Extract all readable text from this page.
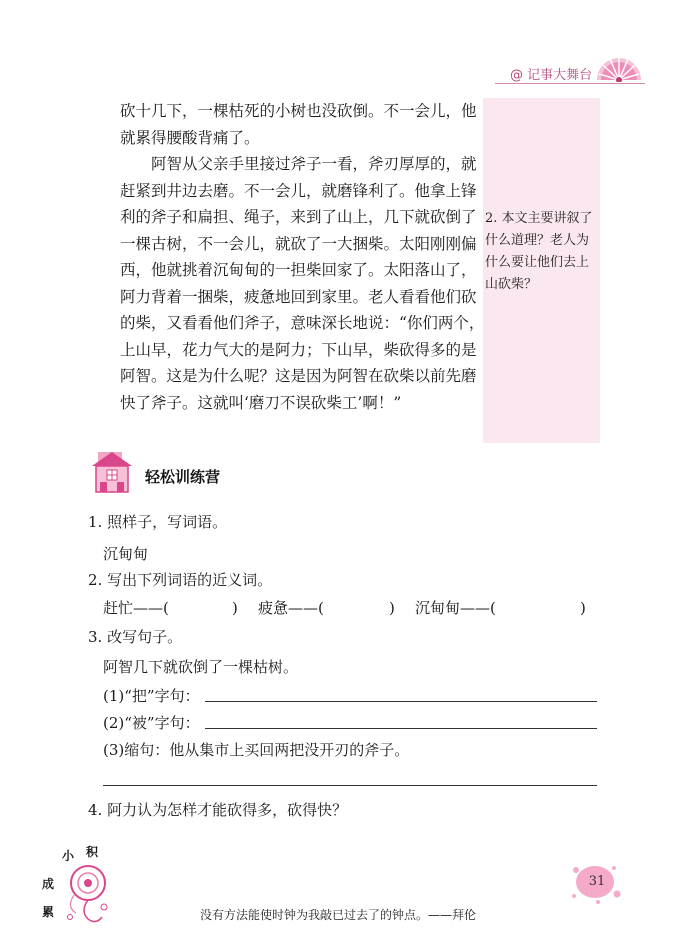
@ 记事大舞台
2. 本文主要讲叙了什么道理？老人为什么要让他们去上山砍柴？

砍十几下，一棵枯死的小树也没砍倒。不一会儿，他就累得腰酸背痛了。

阿智从父亲手里接过斧子一看，斧刃厚厚的，就赶紧到井边去磨。不一会儿，就磨锋利了。他拿上锋利的斧子和扁担、绳子，来到了山上，几下就砍倒了一棵古树，不一会儿，就砍了一大捆柴。太阳刚刚偏西，他就挑着沉甸甸的一担柴回家了。太阳落山了，阿力背着一捆柴，疲惫地回到家里。老人看看他们砍的柴，又看看他们斧子，意味深长地说：“你们两个，上山早，花力气大的是阿力；下山早，柴砍得多的是阿智。这是为什么呢？这是因为阿智在砍柴以前先磨快了斧子。这就叫‘磨刀不误砍柴工’啊！”

轻松训练营
1. 照样子，写词语。
沉甸甸
2. 写出下列词语的近义词。
赶忙——(	) 疲惫——(	) 沉甸甸——(	)
3. 改写句子。
阿智几下就砍倒了一棵枯树。
(1)“把”字句：
(2)“被”字句：
(3)缩句：他从集市上买回两把没开刃的斧子。
4. 阿力认为怎样才能砍得多，砍得快？
小 积
成
累	没有方法能使时钟为我敲已过去了的钟点。——拜伦
31
